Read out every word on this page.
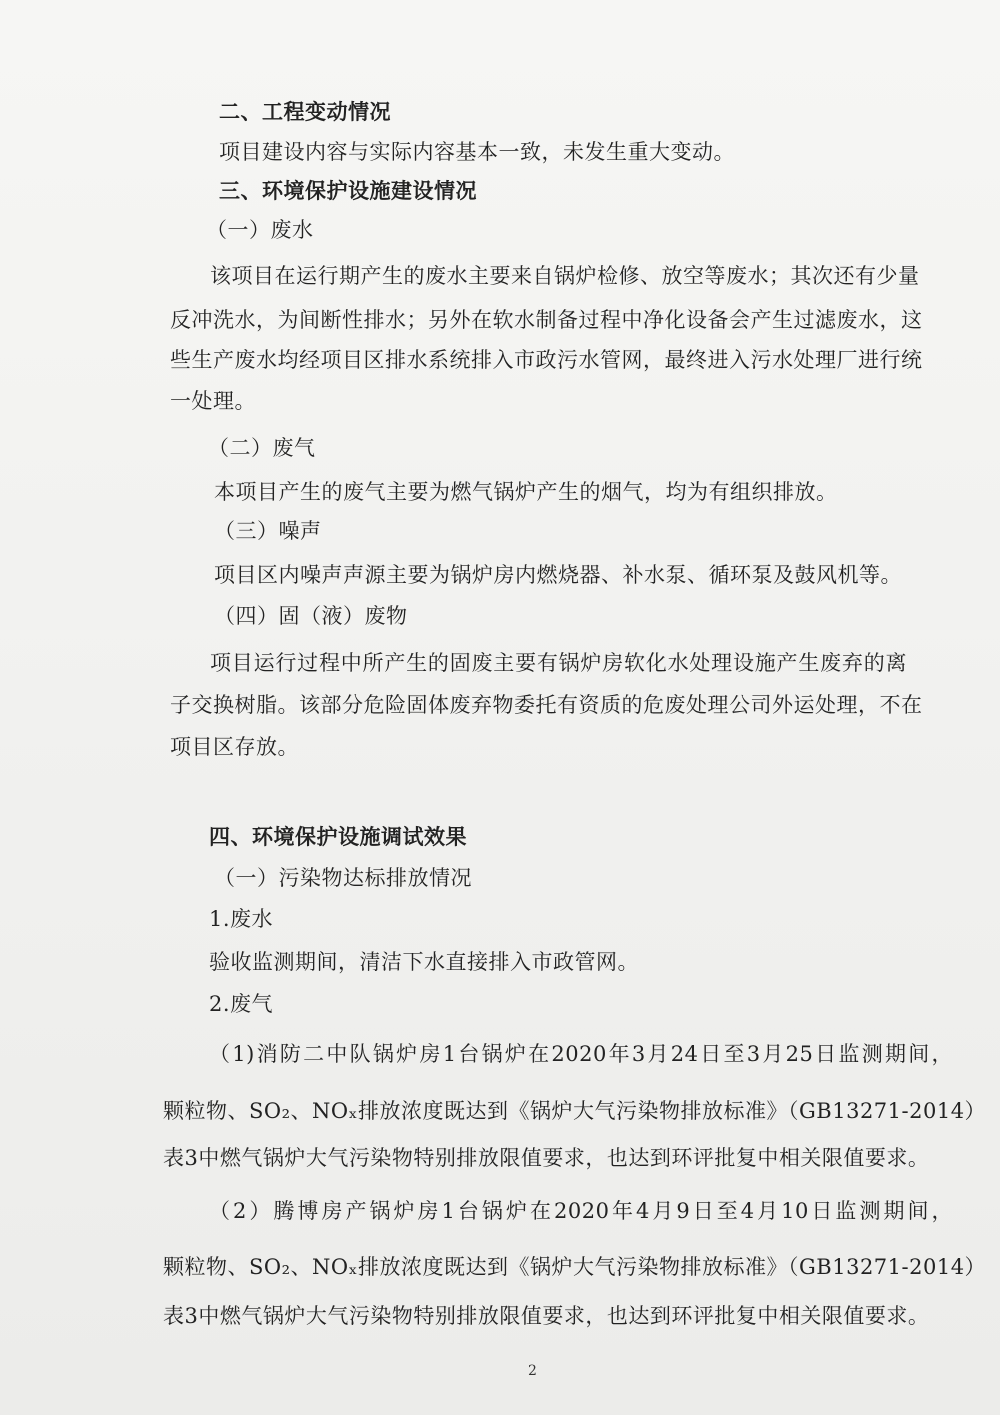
二、工程变动情况
项目建设内容与实际内容基本一致，未发生重大变动。
三、环境保护设施建设情况
（一）废水
该项目在运行期产生的废水主要来自锅炉检修、放空等废水；其次还有少量
反冲洗水，为间断性排水；另外在软水制备过程中净化设备会产生过滤废水，这
些生产废水均经项目区排水系统排入市政污水管网，最终进入污水处理厂进行统
一处理。
（二）废气
本项目产生的废气主要为燃气锅炉产生的烟气，均为有组织排放。
（三）噪声
项目区内噪声声源主要为锅炉房内燃烧器、补水泵、循环泵及鼓风机等。
（四）固（液）废物
项目运行过程中所产生的固废主要有锅炉房软化水处理设施产生废弃的离
子交换树脂。该部分危险固体废弃物委托有资质的危废处理公司外运处理，不在
项目区存放。
四、环境保护设施调试效果
（一）污染物达标排放情况
1.废水
验收监测期间，清洁下水直接排入市政管网。
2.废气
（1)消防二中队锅炉房1台锅炉在2020年3月24日至3月25日监测期间，
颗粒物、SO₂、NOₓ排放浓度既达到《锅炉大气污染物排放标准》（GB13271-2014）
表3中燃气锅炉大气污染物特别排放限值要求，也达到环评批复中相关限值要求。
（2）腾博房产锅炉房1台锅炉在2020年4月9日至4月10日监测期间，
颗粒物、SO₂、NOₓ排放浓度既达到《锅炉大气污染物排放标准》（GB13271-2014）
表3中燃气锅炉大气污染物特别排放限值要求，也达到环评批复中相关限值要求。
2
